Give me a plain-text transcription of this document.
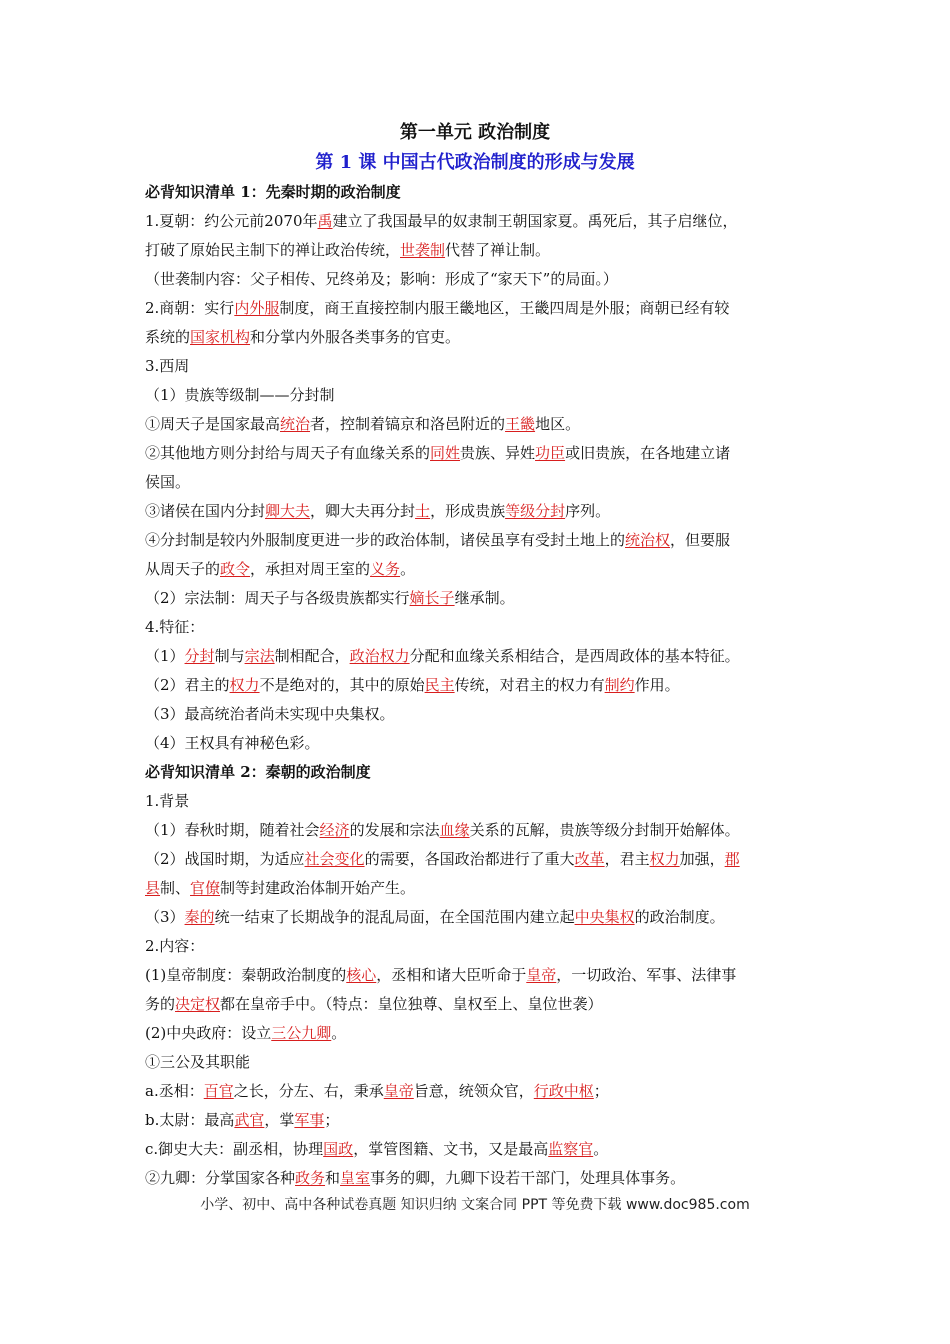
第一单元 政治制度
第 1 课 中国古代政治制度的形成与发展
必背知识清单 1：先秦时期的政治制度
1.夏朝：约公元前2070年禹建立了我国最早的奴隶制王朝国家夏。禹死后，其子启继位，
打破了原始民主制下的禅让政治传统，世袭制代替了禅让制。
（世袭制内容：父子相传、兄终弟及；影响：形成了“家天下”的局面。）
2.商朝：实行内外服制度，商王直接控制内服王畿地区，王畿四周是外服；商朝已经有较
系统的国家机构和分掌内外服各类事务的官吏。
3.西周
（1）贵族等级制——分封制
①周天子是国家最高统治者，控制着镐京和洛邑附近的王畿地区。
②其他地方则分封给与周天子有血缘关系的同姓贵族、异姓功臣或旧贵族，在各地建立诸
侯国。
③诸侯在国内分封卿大夫，卿大夫再分封士，形成贵族等级分封序列。
④分封制是较内外服制度更进一步的政治体制，诸侯虽享有受封土地上的统治权，但要服
从周天子的政令，承担对周王室的义务。
（2）宗法制：周天子与各级贵族都实行嫡长子继承制。
4.特征：
（1）分封制与宗法制相配合，政治权力分配和血缘关系相结合，是西周政体的基本特征。
（2）君主的权力不是绝对的，其中的原始民主传统，对君主的权力有制约作用。
（3）最高统治者尚未实现中央集权。
（4）王权具有神秘色彩。
必背知识清单 2：秦朝的政治制度
1.背景
（1）春秋时期，随着社会经济的发展和宗法血缘关系的瓦解，贵族等级分封制开始解体。
（2）战国时期，为适应社会变化的需要，各国政治都进行了重大改革，君主权力加强，郡
县制、官僚制等封建政治体制开始产生。
（3）秦的统一结束了长期战争的混乱局面，在全国范围内建立起中央集权的政治制度。
2.内容：
(1)皇帝制度：秦朝政治制度的核心，丞相和诸大臣听命于皇帝，一切政治、军事、法律事
务的决定权都在皇帝手中。（特点：皇位独尊、皇权至上、皇位世袭）
(2)中央政府：设立三公九卿。
①三公及其职能
a.丞相：百官之长，分左、右，秉承皇帝旨意，统领众官，行政中枢；
b.太尉：最高武官，掌军事；
c.御史大夫：副丞相，协理国政，掌管图籍、文书，又是最高监察官。
②九卿：分掌国家各种政务和皇室事务的卿，九卿下设若干部门，处理具体事务。
小学、初中、高中各种试卷真题 知识归纳 文案合同 PPT 等免费下载 www.doc985.com
